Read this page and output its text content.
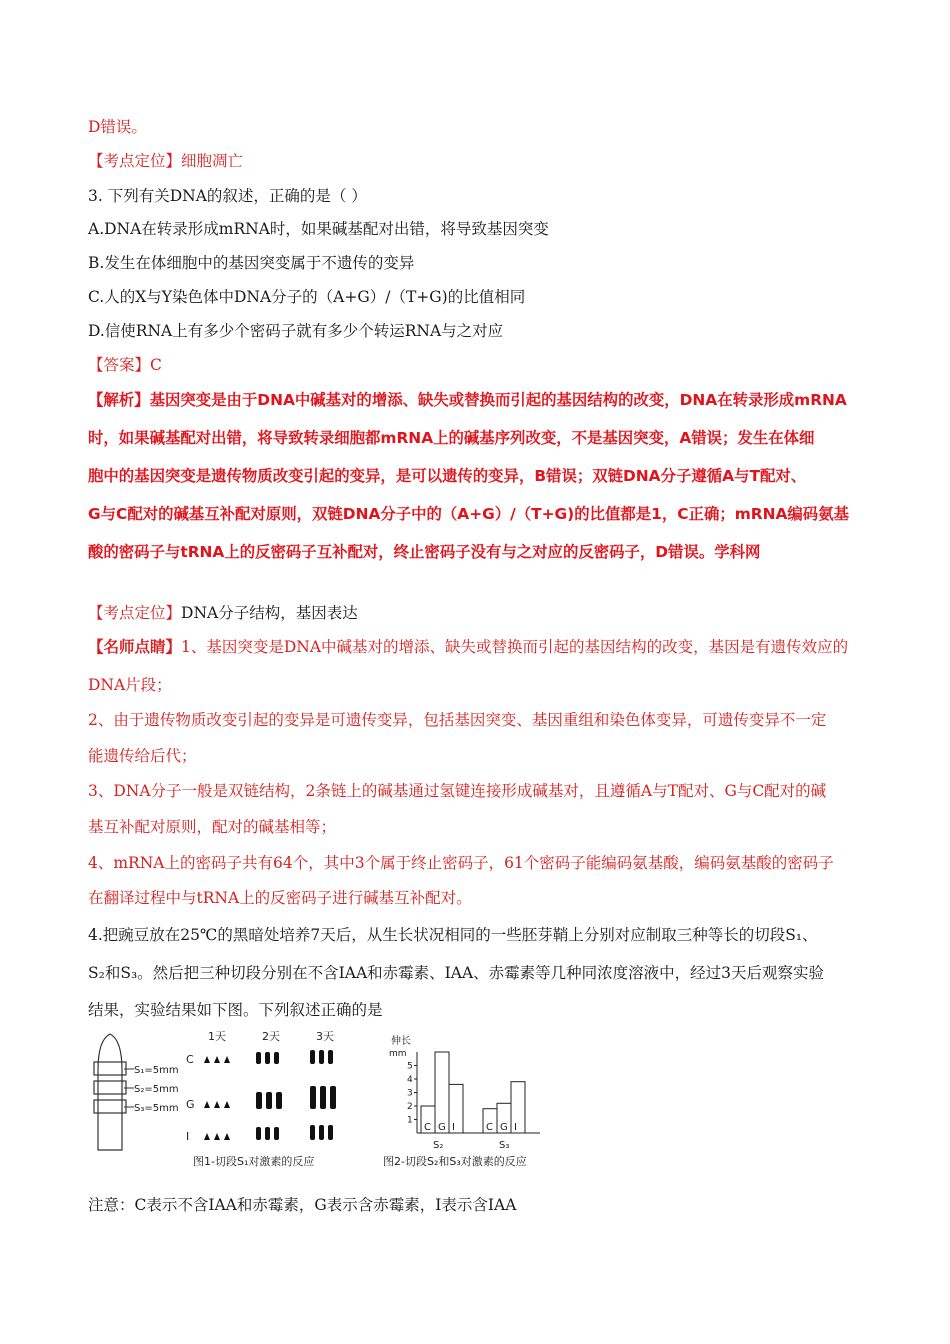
D错误。
【考点定位】细胞凋亡
3. 下列有关DNA的叙述，正确的是（ ）
A.DNA在转录形成mRNA时，如果碱基配对出错，将导致基因突变
B.发生在体细胞中的基因突变属于不遗传的变异
C.人的X与Y染色体中DNA分子的（A+G）/（T+G)的比值相同
D.信使RNA上有多少个密码子就有多少个转运RNA与之对应
【答案】C
【解析】基因突变是由于DNA中碱基对的增添、缺失或替换而引起的基因结构的改变，DNA在转录形成mRNA
时，如果碱基配对出错，将导致转录细胞都mRNA上的碱基序列改变，不是基因突变，A错误；发生在体细
胞中的基因突变是遗传物质改变引起的变异，是可以遗传的变异，B错误；双链DNA分子遵循A与T配对、
G与C配对的碱基互补配对原则，双链DNA分子中的（A+G）/（T+G)的比值都是1，C正确；mRNA编码氨基
酸的密码子与tRNA上的反密码子互补配对，终止密码子没有与之对应的反密码子，D错误。学科网
【考点定位】DNA分子结构，基因表达
【名师点睛】1、基因突变是DNA中碱基对的增添、缺失或替换而引起的基因结构的改变，基因是有遗传效应的
DNA片段；
2、由于遗传物质改变引起的变异是可遗传变异，包括基因突变、基因重组和染色体变异，可遗传变异不一定
能遗传给后代；
3、DNA分子一般是双链结构，2条链上的碱基通过氢键连接形成碱基对，且遵循A与T配对、G与C配对的碱
基互补配对原则，配对的碱基相等；
4、mRNA上的密码子共有64个，其中3个属于终止密码子，61个密码子能编码氨基酸，编码氨基酸的密码子
在翻译过程中与tRNA上的反密码子进行碱基互补配对。
4.把豌豆放在25℃的黑暗处培养7天后，从生长状况相同的一些胚芽鞘上分别对应制取三种等长的切段S₁、
S₂和S₃。然后把三种切段分别在不含IAA和赤霉素、IAA、赤霉素等几种同浓度溶液中，经过3天后观察实验
结果，实验结果如下图。下列叙述正确的是
注意：C表示不含IAA和赤霉素，G表示含赤霉素，I表示含IAA
S₁=5mm
S₂=5mm
S₃=5mm
1天	2天	3天
C
G
I
图1-切段S₁对激素的反应
伸长
mm
1
2
3
4
5
C G I	C G I
S₂	S₃
图2-切段S₂和S₃对激素的反应
